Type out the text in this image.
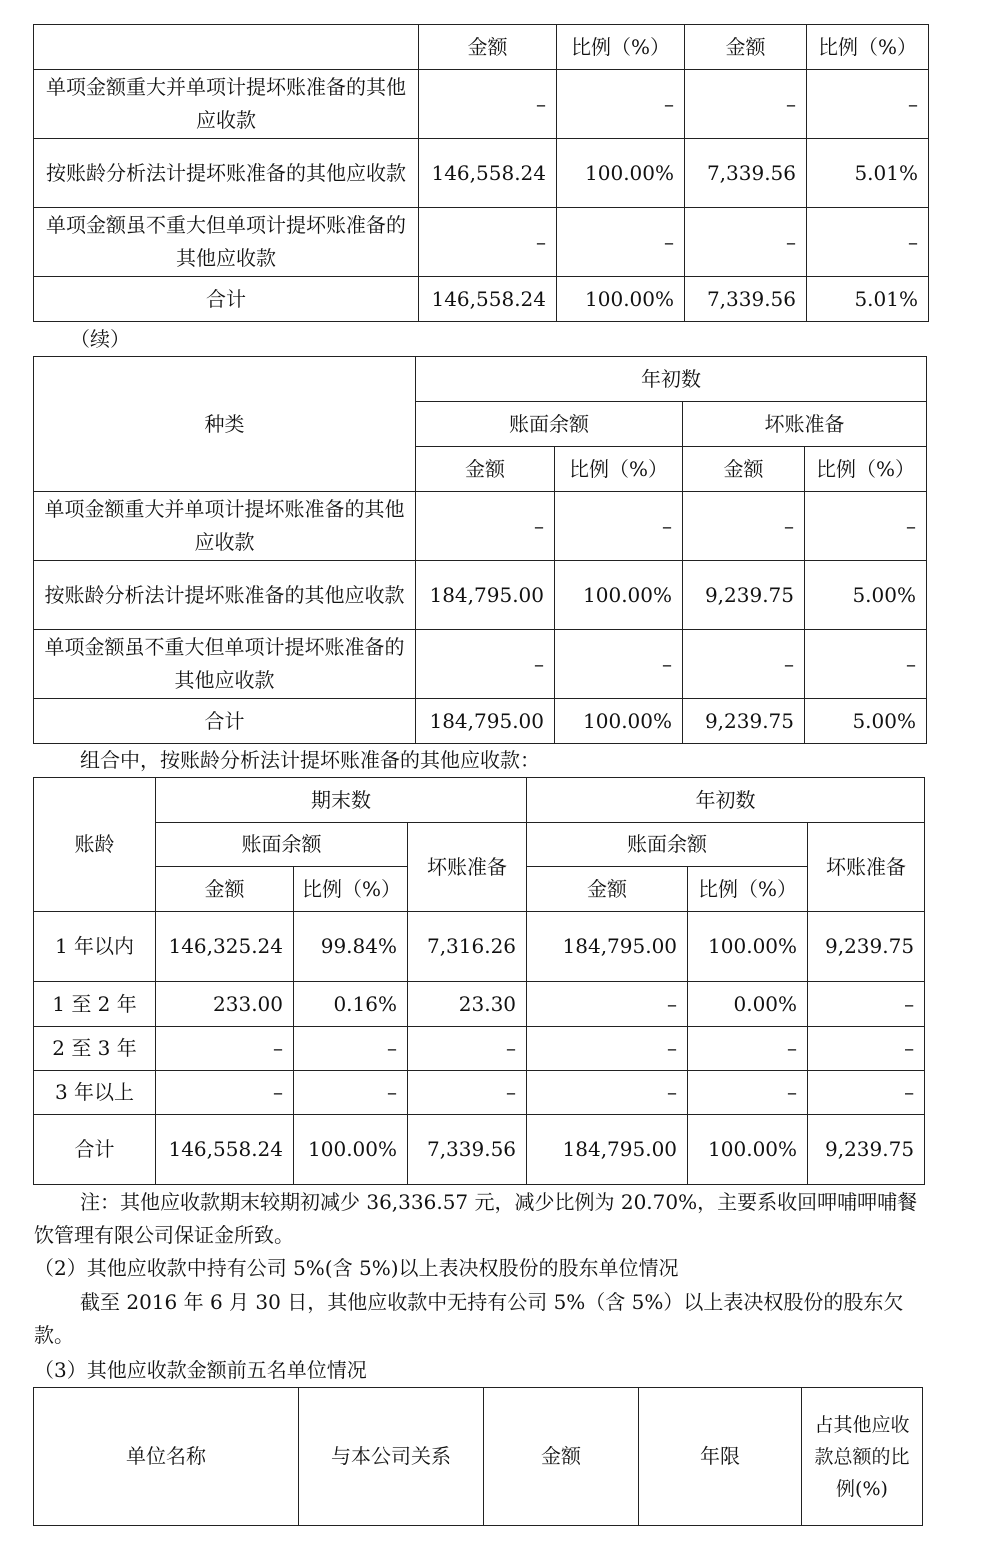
	金额	比例（%）	金额	比例（%）
单项金额重大并单项计提坏账准备的其他应收款	–	–	–	–
按账龄分析法计提坏账准备的其他应收款	146,558.24	100.00%	7,339.56	5.01%
单项金额虽不重大但单项计提坏账准备的其他应收款	–	–	–	–
合计	146,558.24	100.00%	7,339.56	5.01%

（续）

种类	年初数			
	账面余额		坏账准备	
	金额	比例（%）	金额	比例（%）
单项金额重大并单项计提坏账准备的其他应收款	–	–	–	–
按账龄分析法计提坏账准备的其他应收款	184,795.00	100.00%	9,239.75	5.00%
单项金额虽不重大但单项计提坏账准备的其他应收款	–	–	–	–
合计	184,795.00	100.00%	9,239.75	5.00%

组合中，按账龄分析法计提坏账准备的其他应收款：

账龄	期末数			年初数		
	账面余额		坏账准备	账面余额		坏账准备
	金额	比例（%）		金额	比例（%）	
1 年以内	146,325.24	99.84%	7,316.26	184,795.00	100.00%	9,239.75
1 至 2 年	233.00	0.16%	23.30	–	0.00%	–
2 至 3 年	–	–	–	–	–	–
3 年以上	–	–	–	–	–	–
合计	146,558.24	100.00%	7,339.56	184,795.00	100.00%	9,239.75

注：其他应收款期末较期初减少 36,336.57 元，减少比例为 20.70%，主要系收回呷哺呷哺餐饮管理有限公司保证金所致。

（2）其他应收款中持有公司 5%(含 5%)以上表决权股份的股东单位情况

截至 2016 年 6 月 30 日，其他应收款中无持有公司 5%（含 5%）以上表决权股份的股东欠款。

（3）其他应收款金额前五名单位情况

单位名称	与本公司关系	金额	年限	占其他应收款总额的比例(%)
